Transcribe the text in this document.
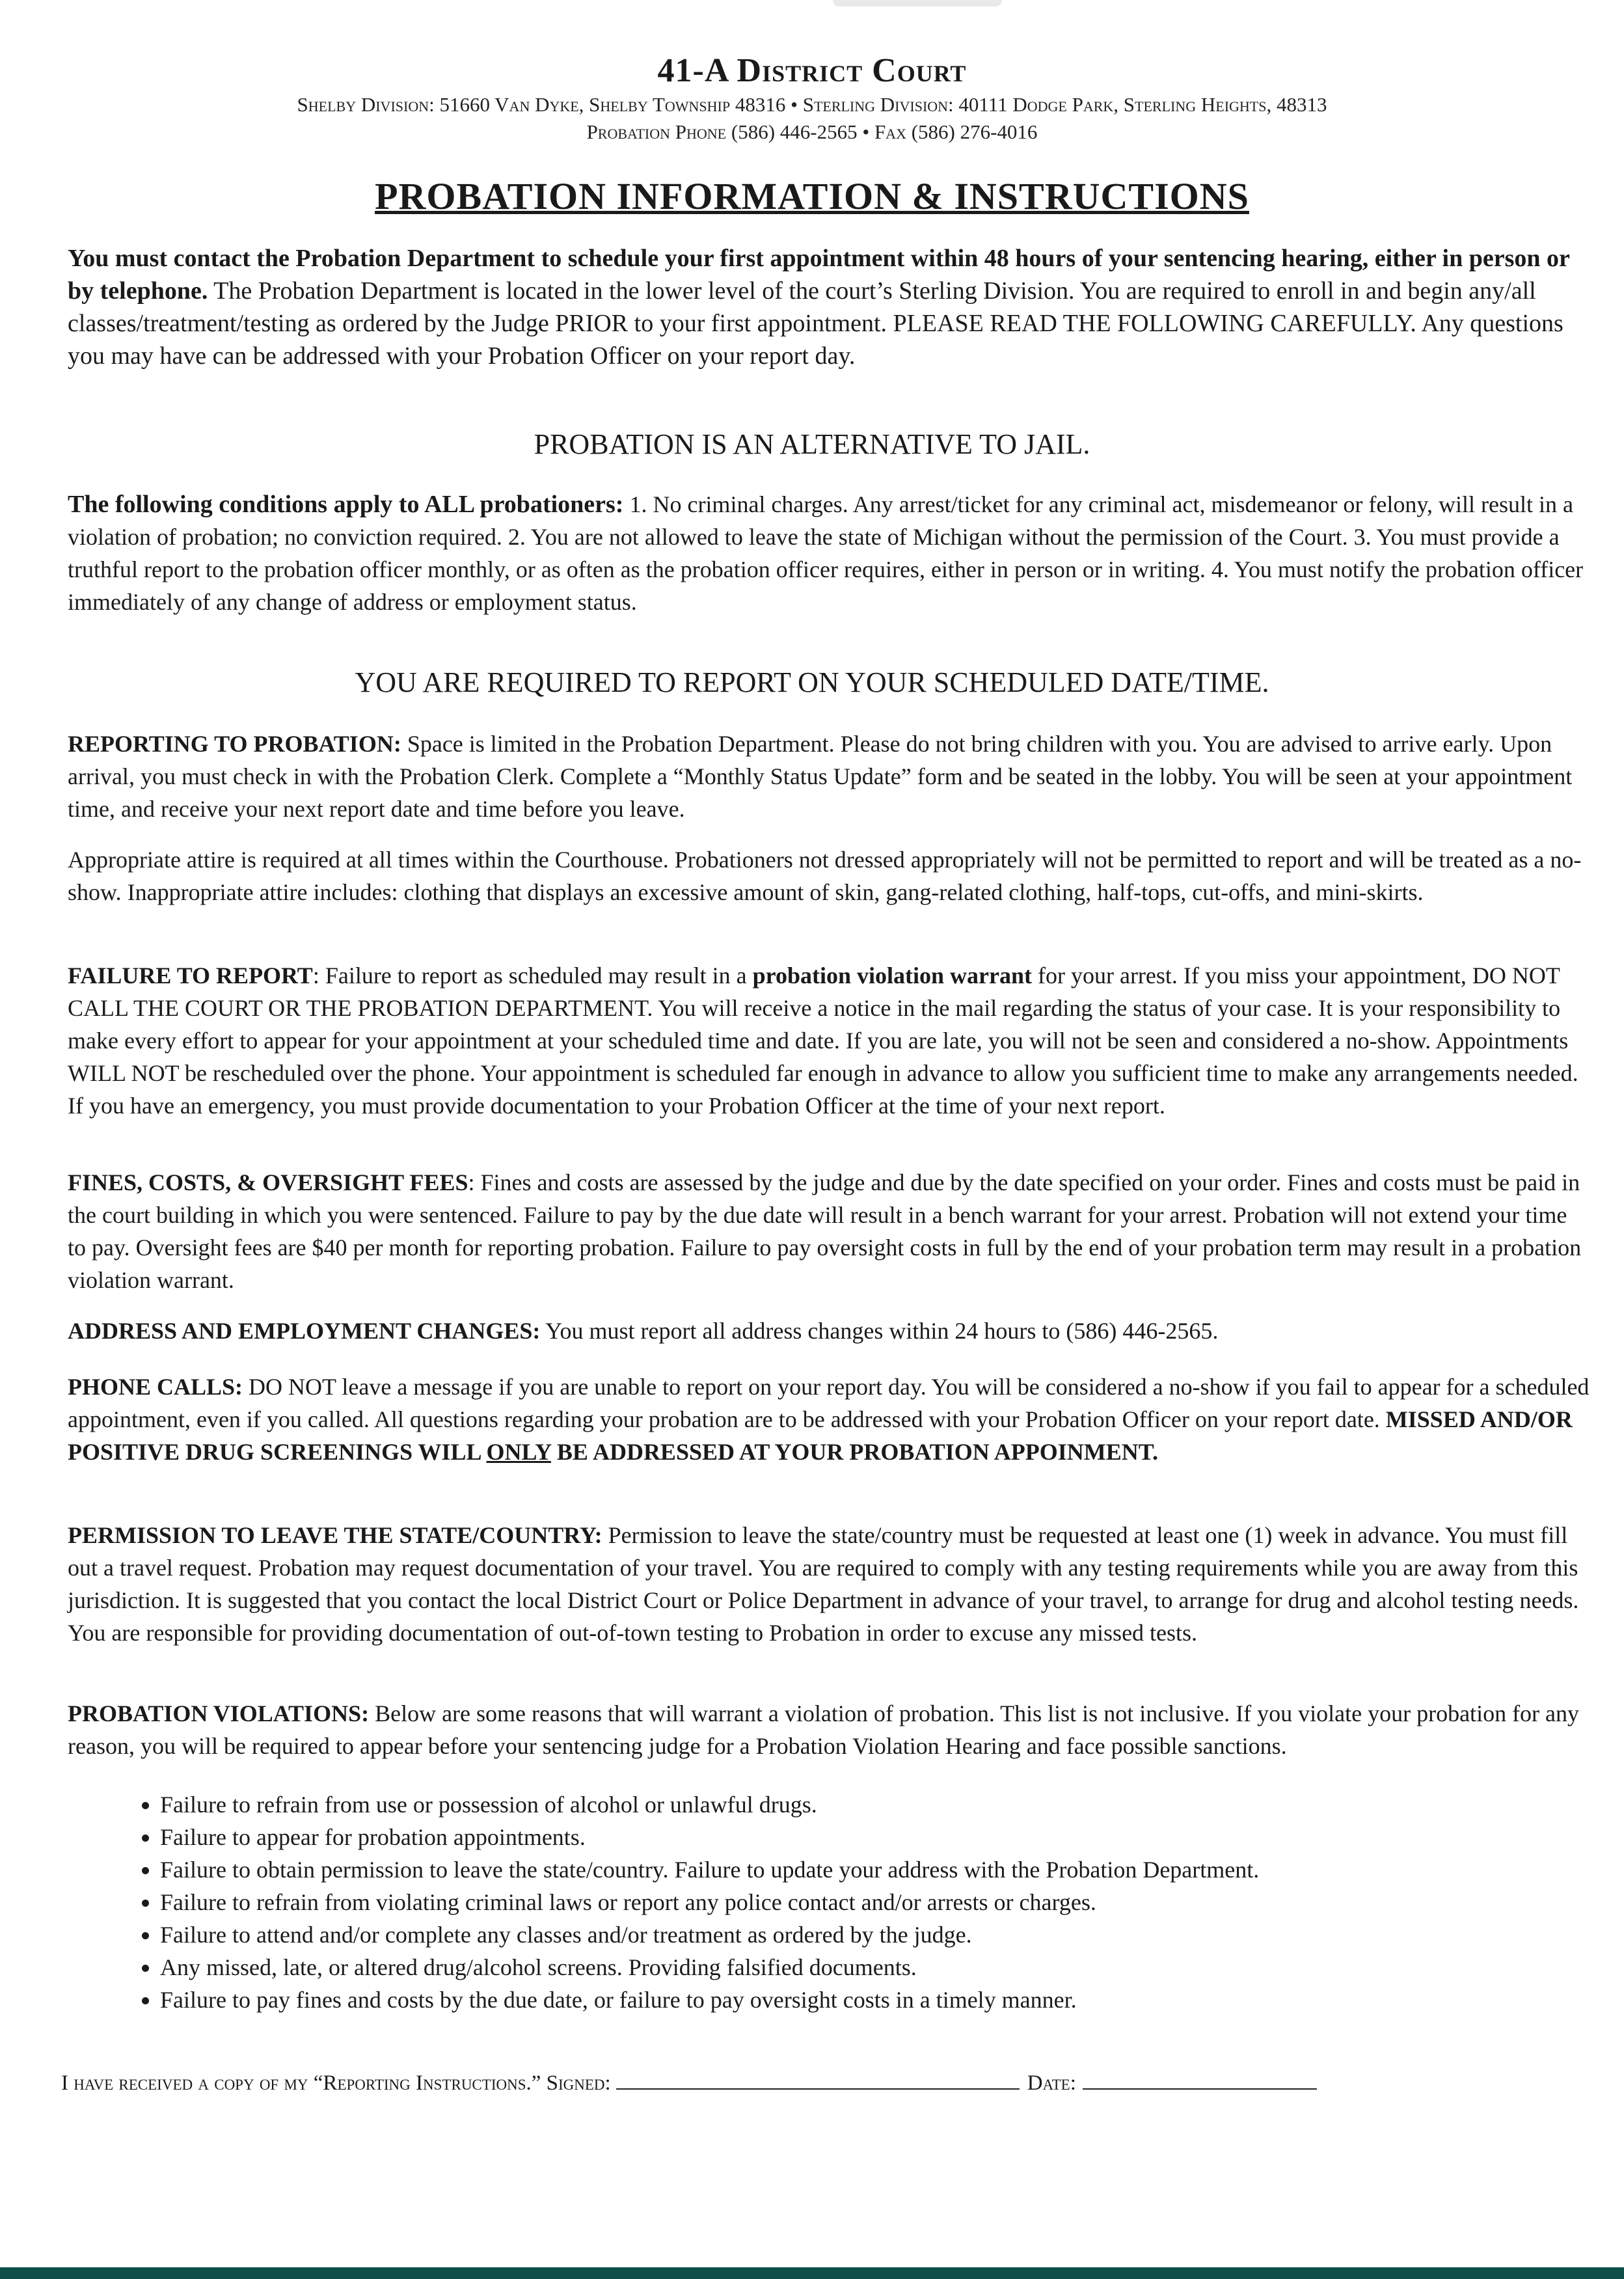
41-A District Court
Shelby Division: 51660 Van Dyke, Shelby Township 48316 • Sterling Division: 40111 Dodge Park, Sterling Heights, 48313
Probation Phone (586) 446-2565 • Fax (586) 276-4016
PROBATION INFORMATION & INSTRUCTIONS
You must contact the Probation Department to schedule your first appointment within 48 hours of your sentencing hearing, either in person or by telephone. The Probation Department is located in the lower level of the court’s Sterling Division. You are required to enroll in and begin any/all classes/treatment/testing as ordered by the Judge PRIOR to your first appointment. PLEASE READ THE FOLLOWING CAREFULLY. Any questions you may have can be addressed with your Probation Officer on your report day.
PROBATION IS AN ALTERNATIVE TO JAIL.
The following conditions apply to ALL probationers: 1. No criminal charges. Any arrest/ticket for any criminal act, misdemeanor or felony, will result in a violation of probation; no conviction required. 2. You are not allowed to leave the state of Michigan without the permission of the Court. 3. You must provide a truthful report to the probation officer monthly, or as often as the probation officer requires, either in person or in writing. 4. You must notify the probation officer immediately of any change of address or employment status.
YOU ARE REQUIRED TO REPORT ON YOUR SCHEDULED DATE/TIME.
REPORTING TO PROBATION: Space is limited in the Probation Department. Please do not bring children with you. You are advised to arrive early. Upon arrival, you must check in with the Probation Clerk. Complete a “Monthly Status Update” form and be seated in the lobby. You will be seen at your appointment time, and receive your next report date and time before you leave.
Appropriate attire is required at all times within the Courthouse. Probationers not dressed appropriately will not be permitted to report and will be treated as a no-show. Inappropriate attire includes: clothing that displays an excessive amount of skin, gang-related clothing, half-tops, cut-offs, and mini-skirts.
FAILURE TO REPORT: Failure to report as scheduled may result in a probation violation warrant for your arrest. If you miss your appointment, DO NOT CALL THE COURT OR THE PROBATION DEPARTMENT. You will receive a notice in the mail regarding the status of your case. It is your responsibility to make every effort to appear for your appointment at your scheduled time and date. If you are late, you will not be seen and considered a no-show. Appointments WILL NOT be rescheduled over the phone. Your appointment is scheduled far enough in advance to allow you sufficient time to make any arrangements needed. If you have an emergency, you must provide documentation to your Probation Officer at the time of your next report.
FINES, COSTS, & OVERSIGHT FEES: Fines and costs are assessed by the judge and due by the date specified on your order. Fines and costs must be paid in the court building in which you were sentenced. Failure to pay by the due date will result in a bench warrant for your arrest. Probation will not extend your time to pay. Oversight fees are $40 per month for reporting probation. Failure to pay oversight costs in full by the end of your probation term may result in a probation violation warrant.
ADDRESS AND EMPLOYMENT CHANGES: You must report all address changes within 24 hours to (586) 446-2565.
PHONE CALLS: DO NOT leave a message if you are unable to report on your report day. You will be considered a no-show if you fail to appear for a scheduled appointment, even if you called. All questions regarding your probation are to be addressed with your Probation Officer on your report date. MISSED AND/OR POSITIVE DRUG SCREENINGS WILL ONLY BE ADDRESSED AT YOUR PROBATION APPOINMENT.
PERMISSION TO LEAVE THE STATE/COUNTRY: Permission to leave the state/country must be requested at least one (1) week in advance. You must fill out a travel request. Probation may request documentation of your travel. You are required to comply with any testing requirements while you are away from this jurisdiction. It is suggested that you contact the local District Court or Police Department in advance of your travel, to arrange for drug and alcohol testing needs. You are responsible for providing documentation of out-of-town testing to Probation in order to excuse any missed tests.
PROBATION VIOLATIONS: Below are some reasons that will warrant a violation of probation. This list is not inclusive. If you violate your probation for any reason, you will be required to appear before your sentencing judge for a Probation Violation Hearing and face possible sanctions.
• Failure to refrain from use or possession of alcohol or unlawful drugs.
• Failure to appear for probation appointments.
• Failure to obtain permission to leave the state/country. Failure to update your address with the Probation Department.
• Failure to refrain from violating criminal laws or report any police contact and/or arrests or charges.
• Failure to attend and/or complete any classes and/or treatment as ordered by the judge.
• Any missed, late, or altered drug/alcohol screens. Providing falsified documents.
• Failure to pay fines and costs by the due date, or failure to pay oversight costs in a timely manner.
I have received a copy of my “Reporting Instructions.” Signed:	Date:
